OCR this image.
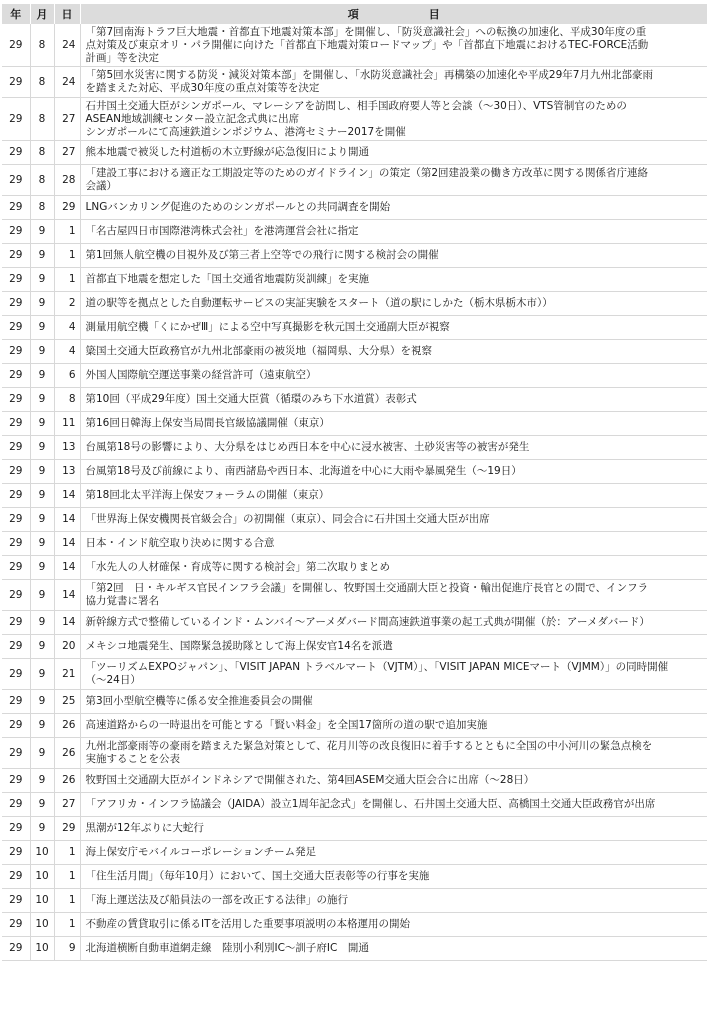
年	月	日	項 目
29	8	24	「第7回南海トラフ巨大地震・首都直下地震対策本部」を開催し、「防災意識社会」への転換の加速化、平成30年度の重
点対策及び東京オリ・パラ開催に向けた「首都直下地震対策ロードマップ」や「首都直下地震におけるTEC-FORCE活動
計画」等を決定

29	8	24	「第5回水災害に関する防災・減災対策本部」を開催し、「水防災意識社会」再構築の加速化や平成29年7月九州北部豪雨
を踏まえた対応、平成30年度の重点対策等を決定

29	8	27	石井国土交通大臣がシンガポール、マレーシアを訪問し、相手国政府要人等と会談（～30日）、VTS管制官のための
ASEAN地域訓練センター設立記念式典に出席
シンガポールにて高速鉄道シンポジウム、港湾セミナー2017を開催

29	8	27	熊本地震で被災した村道栃の木立野線が応急復旧により開通

29	8	28	「建設工事における適正な工期設定等のためのガイドライン」の策定（第2回建設業の働き方改革に関する関係省庁連絡
会議）

29	8	29	LNGバンカリング促進のためのシンガポールとの共同調査を開始

29	9	1	「名古屋四日市国際港湾株式会社」を港湾運営会社に指定

29	9	1	第1回無人航空機の目視外及び第三者上空等での飛行に関する検討会の開催

29	9	1	首都直下地震を想定した「国土交通省地震防災訓練」を実施

29	9	2	道の駅等を拠点とした自動運転サービスの実証実験をスタート（道の駅にしかた（栃木県栃木市））

29	9	4	測量用航空機「くにかぜⅢ」による空中写真撮影を秋元国土交通副大臣が視察

29	9	4	簗国土交通大臣政務官が九州北部豪雨の被災地（福岡県、大分県）を視察

29	9	6	外国人国際航空運送事業の経営許可（遠東航空）

29	9	8	第10回（平成29年度）国土交通大臣賞（循環のみち下水道賞）表彰式

29	9	11	第16回日韓海上保安当局間長官級協議開催（東京）

29	9	13	台風第18号の影響により、大分県をはじめ西日本を中心に浸水被害、土砂災害等の被害が発生

29	9	13	台風第18号及び前線により、南西諸島や西日本、北海道を中心に大雨や暴風発生（～19日）

29	9	14	第18回北太平洋海上保安フォーラムの開催（東京）

29	9	14	「世界海上保安機関長官級会合」の初開催（東京）、同会合に石井国土交通大臣が出席

29	9	14	日本・インド航空取り決めに関する合意

29	9	14	「水先人の人材確保・育成等に関する検討会」第二次取りまとめ

29	9	14	「第2回　日・キルギス官民インフラ会議」を開催し、牧野国土交通副大臣と投資・輸出促進庁長官との間で、インフラ
協力覚書に署名

29	9	14	新幹線方式で整備しているインド・ムンバイ～アーメダバード間高速鉄道事業の起工式典が開催（於：アーメダバード）

29	9	20	メキシコ地震発生、国際緊急援助隊として海上保安官14名を派遣

29	9	21	「ツーリズムEXPOジャパン」、「VISIT JAPAN トラベルマート（VJTM）」、「VISIT JAPAN MICEマート（VJMM）」の同時開催
（～24日）

29	9	25	第3回小型航空機等に係る安全推進委員会の開催

29	9	26	高速道路からの一時退出を可能とする「賢い料金」を全国17箇所の道の駅で追加実施

29	9	26	九州北部豪雨等の豪雨を踏まえた緊急対策として、花月川等の改良復旧に着手するとともに全国の中小河川の緊急点検を
実施することを公表

29	9	26	牧野国土交通副大臣がインドネシアで開催された、第4回ASEM交通大臣会合に出席（～28日）

29	9	27	「アフリカ・インフラ協議会（JAIDA）設立1周年記念式」を開催し、石井国土交通大臣、高橋国土交通大臣政務官が出席

29	9	29	黒潮が12年ぶりに大蛇行

29	10	1	海上保安庁モバイルコーポレーションチーム発足

29	10	1	「住生活月間」（毎年10月）において、国土交通大臣表彰等の行事を実施

29	10	1	「海上運送法及び船員法の一部を改正する法律」の施行

29	10	1	不動産の賃貸取引に係るITを活用した重要事項説明の本格運用の開始

29	10	9	北海道横断自動車道網走線　陸別小利別IC～訓子府IC　開通
